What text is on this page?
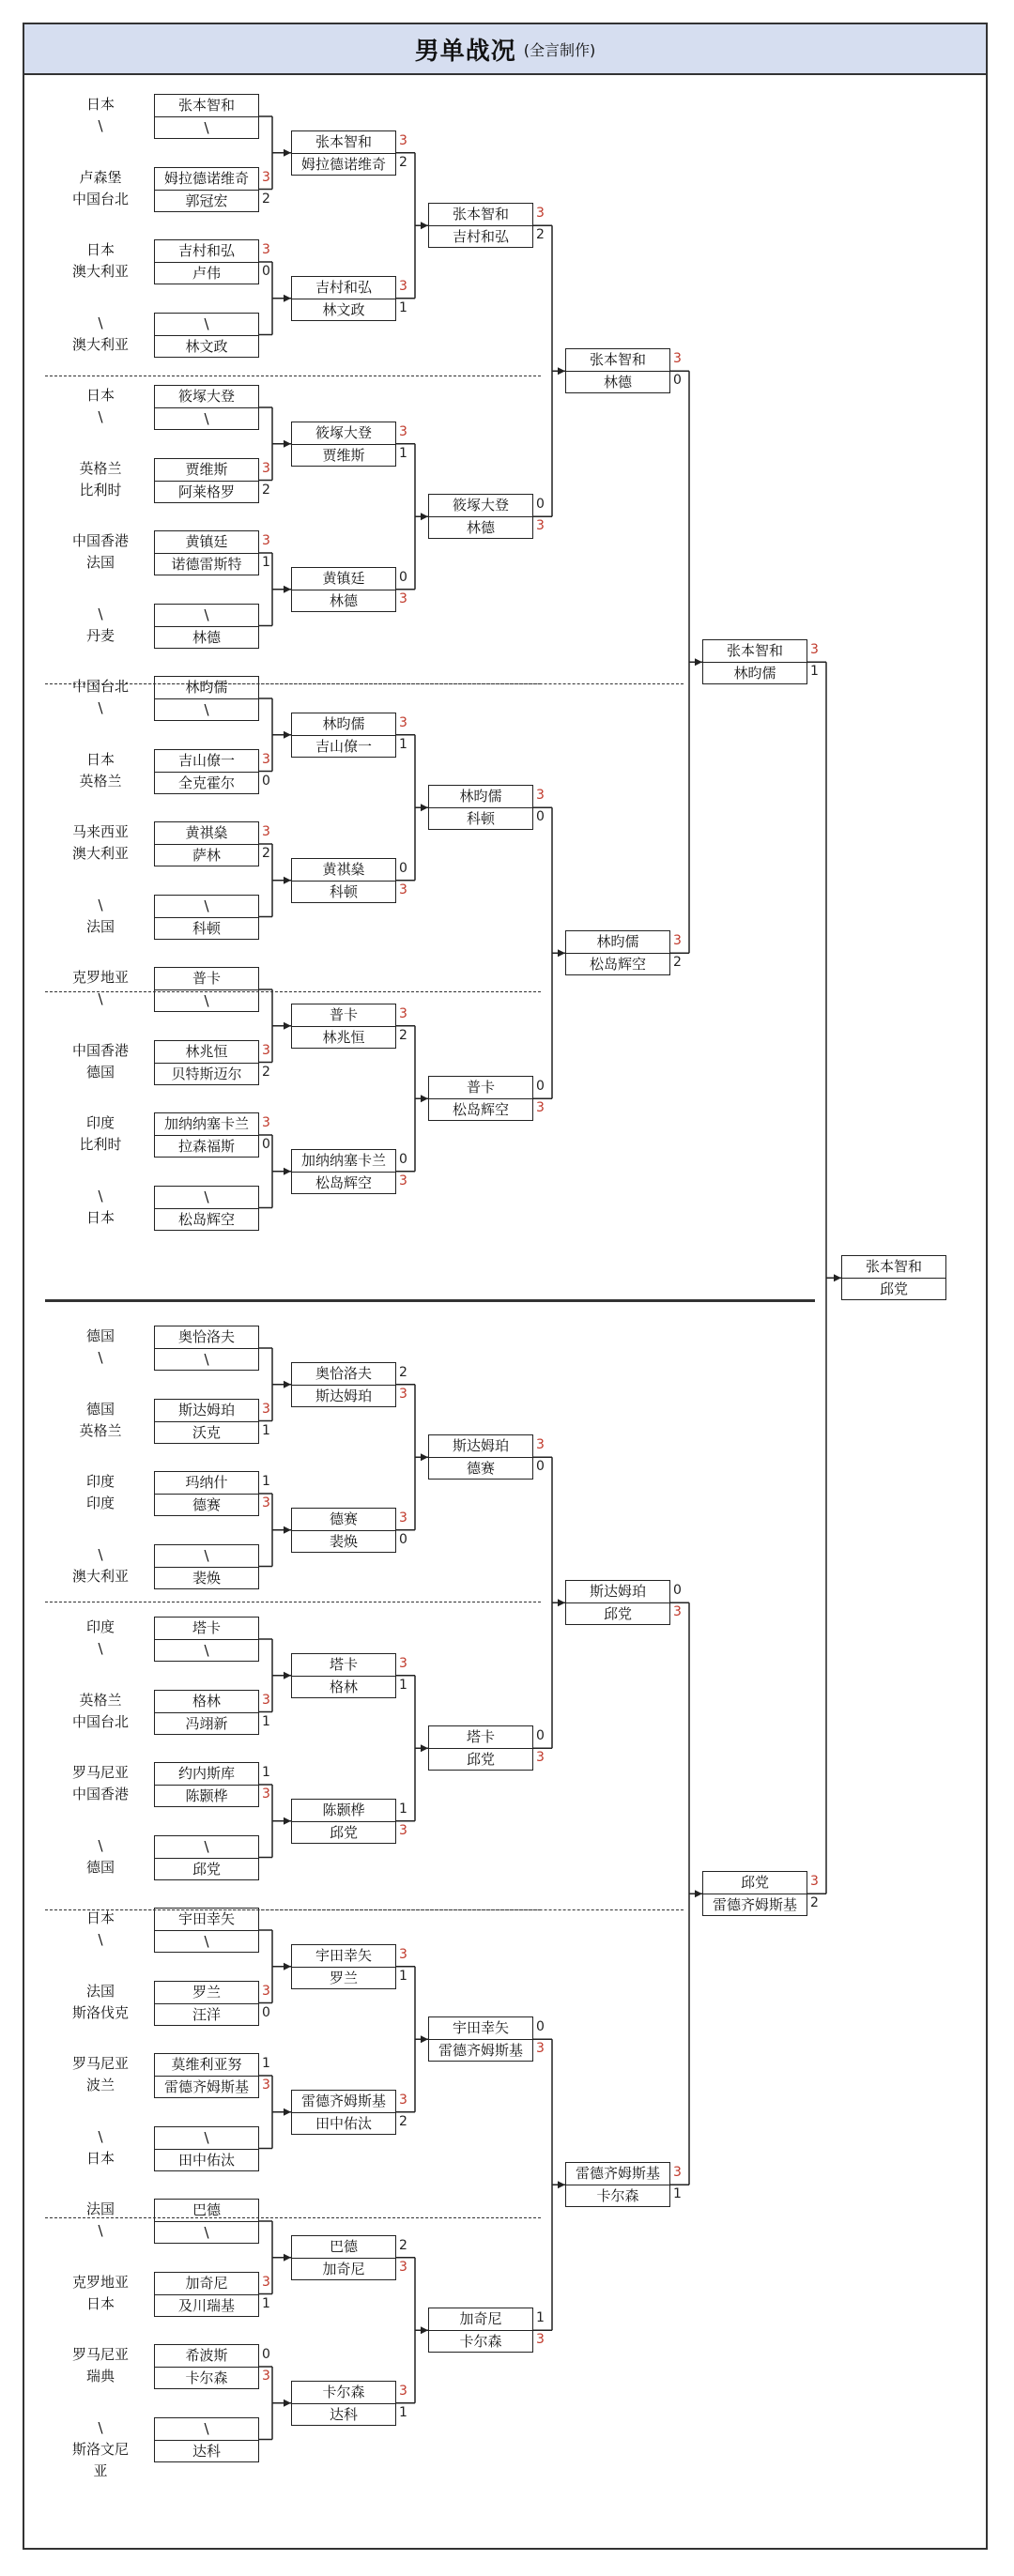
男单战况 (全言制作)
张本智和
\
日本
\
姆拉德诺维奇
郭冠宏
3
2
卢森堡
中国台北
吉村和弘
卢伟
3
0
日本
澳大利亚
\
林文政
\
澳大利亚
筱塚大登
\
日本
\
贾维斯
阿莱格罗
3
2
英格兰
比利时
黄镇廷
诺德雷斯特
3
1
中国香港
法国
\
林德
\
丹麦
林昀儒
\
中国台北
\
吉山僚一
全克霍尔
3
0
日本
英格兰
黄祺燊
萨林
3
2
马来西亚
澳大利亚
\
科顿
\
法国
普卡
\
克罗地亚
\
林兆恒
贝特斯迈尔
3
2
中国香港
德国
加纳纳塞卡兰
拉森福斯
3
0
印度
比利时
\
松岛辉空
\
日本
奥恰洛夫
\
德国
\
斯达姆珀
沃克
3
1
德国
英格兰
玛纳什
德赛
1
3
印度
印度
\
裴焕
\
澳大利亚
塔卡
\
印度
\
格林
冯翊新
3
1
英格兰
中国台北
约内斯库
陈颢桦
1
3
罗马尼亚
中国香港
\
邱党
\
德国
宇田幸矢
\
日本
\
罗兰
汪洋
3
0
法国
斯洛伐克
莫维利亚努
雷德齐姆斯基
1
3
罗马尼亚
波兰
\
田中佑汰
\
日本
巴德
\
法国
\
加奇尼
及川瑞基
3
1
克罗地亚
日本
希波斯
卡尔森
0
3
罗马尼亚
瑞典
\
达科
\
斯洛文尼亚
张本智和
姆拉德诺维奇
3
2
吉村和弘
林文政
3
1
筱塚大登
贾维斯
3
1
黄镇廷
林德
0
3
林昀儒
吉山僚一
3
1
黄祺燊
科顿
0
3
普卡
林兆恒
3
2
加纳纳塞卡兰
松岛辉空
0
3
奥恰洛夫
斯达姆珀
2
3
德赛
裴焕
3
0
塔卡
格林
3
1
陈颢桦
邱党
1
3
宇田幸矢
罗兰
3
1
雷德齐姆斯基
田中佑汰
3
2
巴德
加奇尼
2
3
卡尔森
达科
3
1
张本智和
吉村和弘
3
2
筱塚大登
林德
0
3
林昀儒
科顿
3
0
普卡
松岛辉空
0
3
斯达姆珀
德赛
3
0
塔卡
邱党
0
3
宇田幸矢
雷德齐姆斯基
0
3
加奇尼
卡尔森
1
3
张本智和
林德
3
0
林昀儒
松岛辉空
3
2
斯达姆珀
邱党
0
3
雷德齐姆斯基
卡尔森
3
1
张本智和
林昀儒
3
1
邱党
雷德齐姆斯基
3
2
张本智和
邱党
